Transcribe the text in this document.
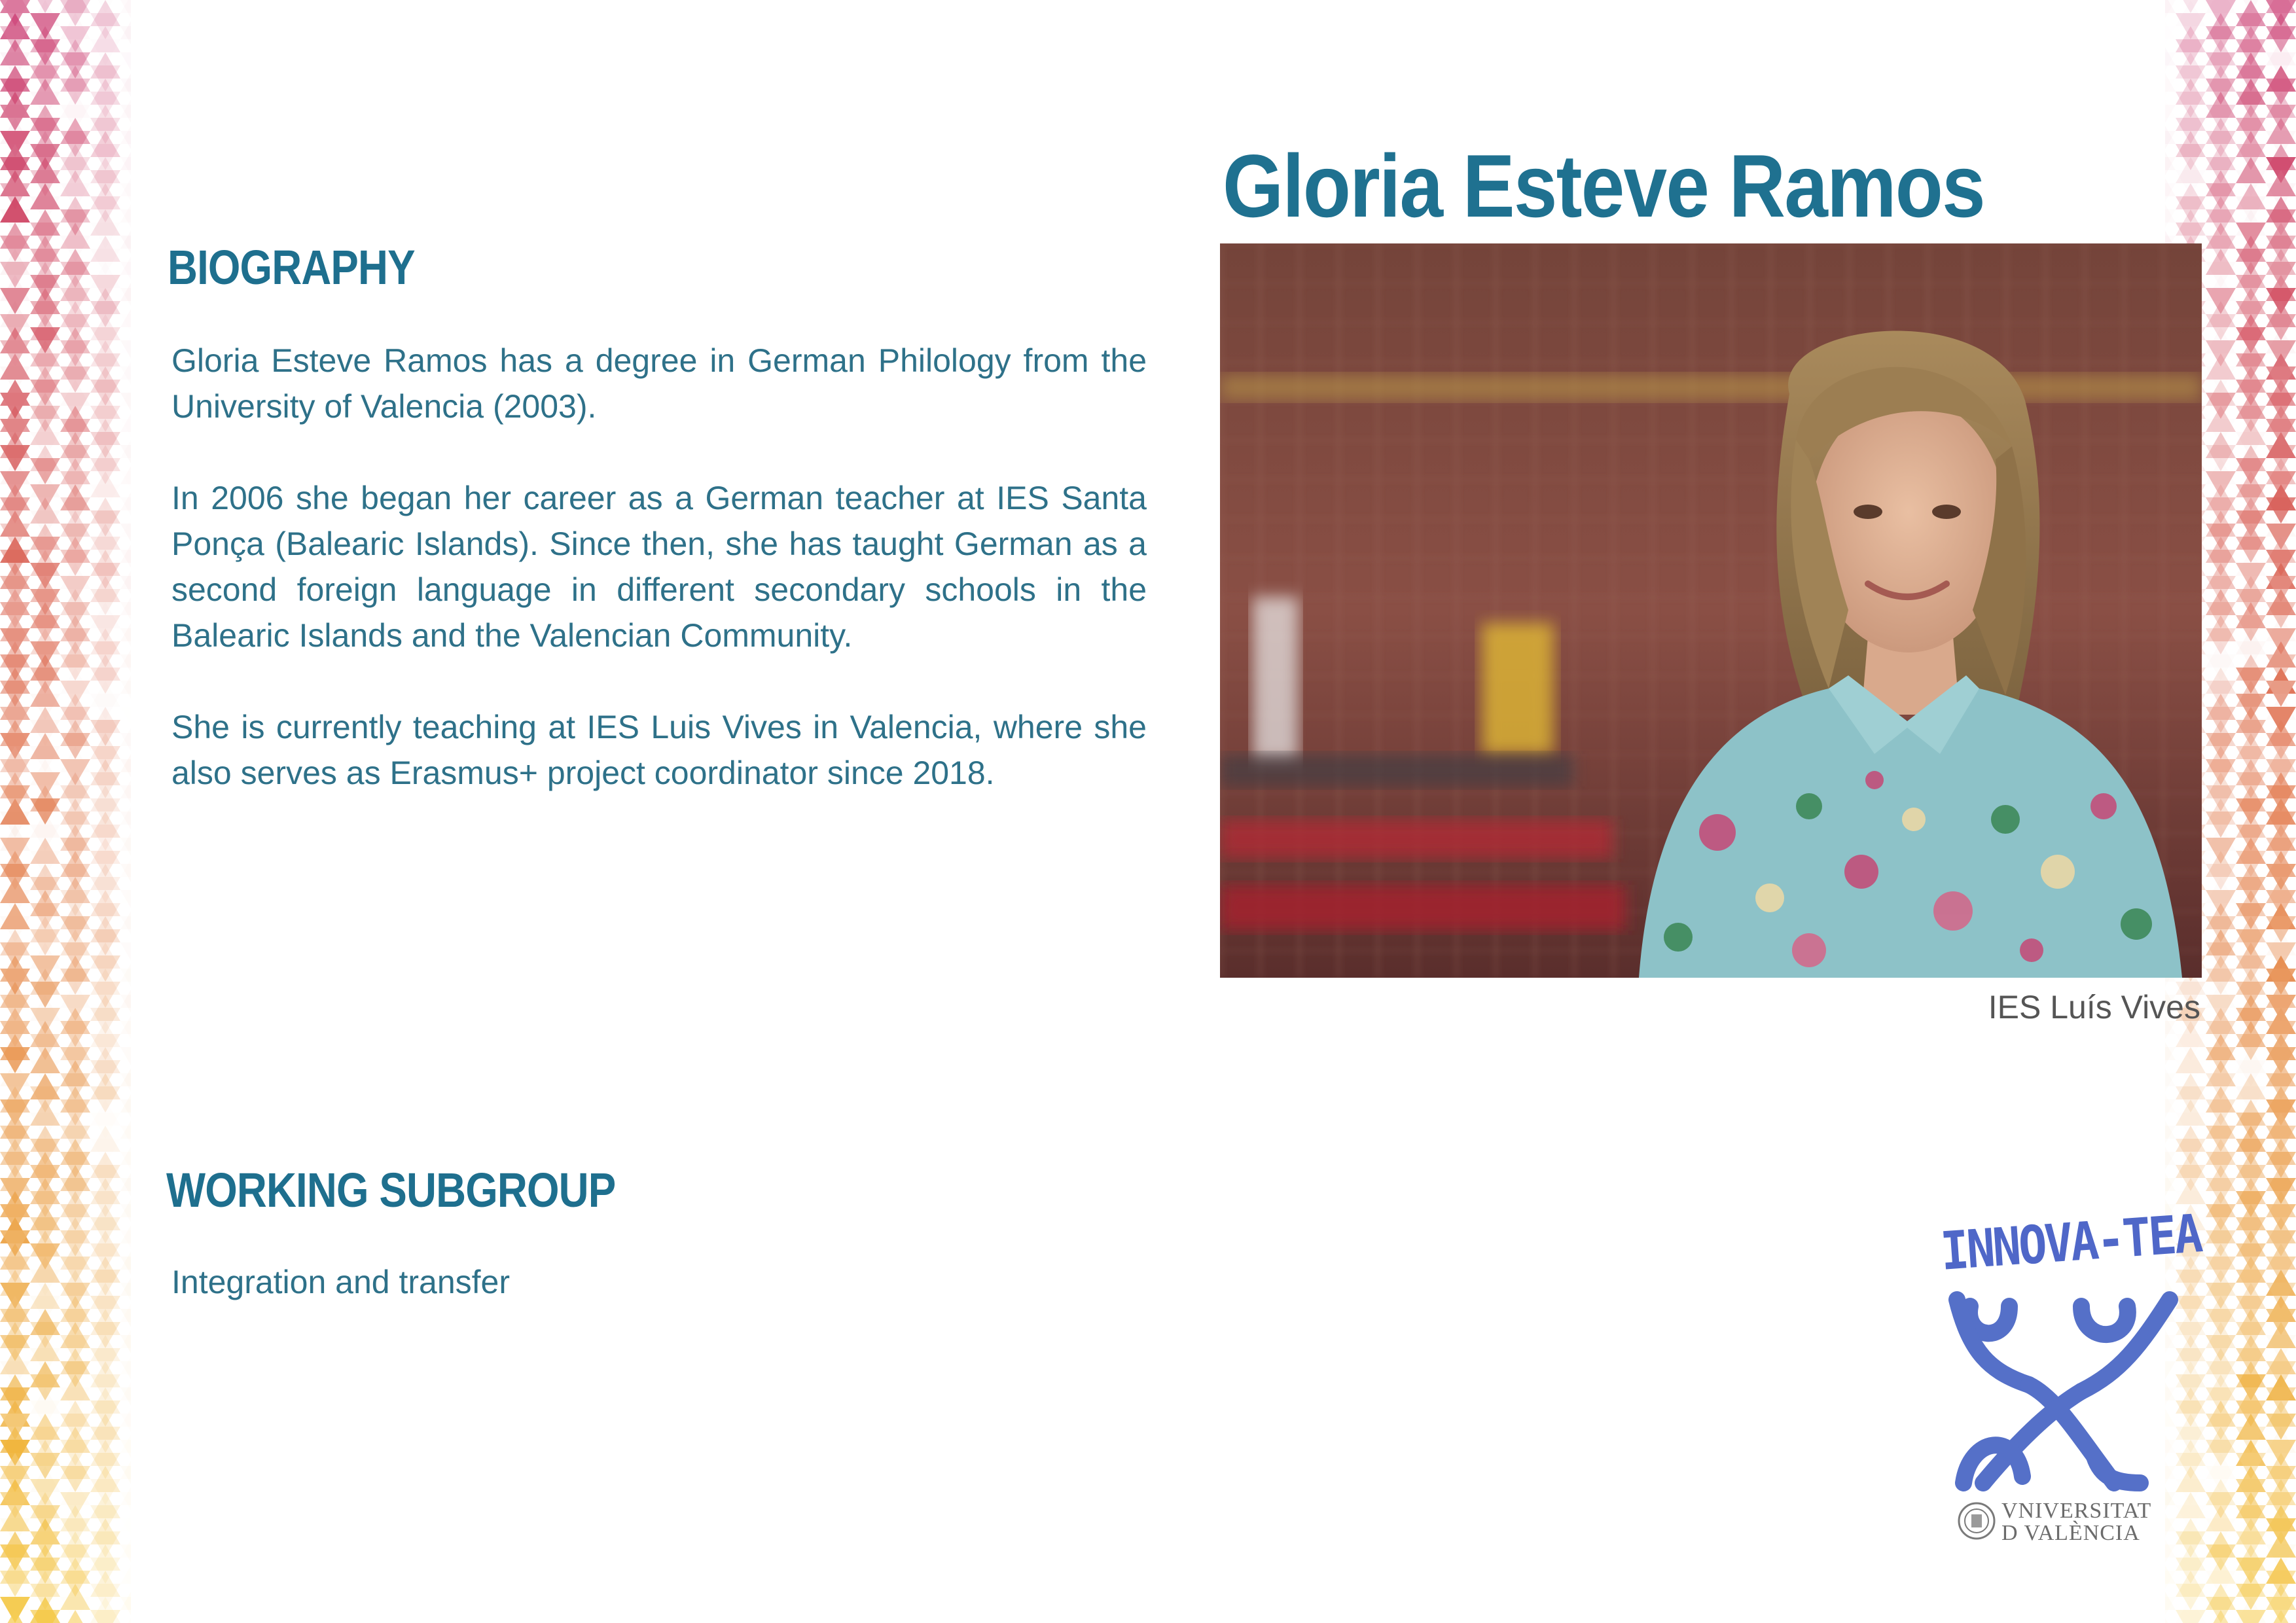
BIOGRAPHY

Gloria Esteve Ramos has a degree in German Philology from the University of Valencia (2003).

In 2006 she began her career as a German teacher at IES Santa Ponça (Balearic Islands). Since then, she has taught German as a second foreign language in different secondary schools in the Balearic Islands and the Valencian Community.

She is currently teaching at IES Luis Vives in Valencia, where she also serves as Erasmus+ project coordinator since 2018.

WORKING SUBGROUP

Integration and transfer

Gloria Esteve Ramos

IES Luís Vives

INNOVA-TEA
VNIVERSITAT
D VALÈNCIA
